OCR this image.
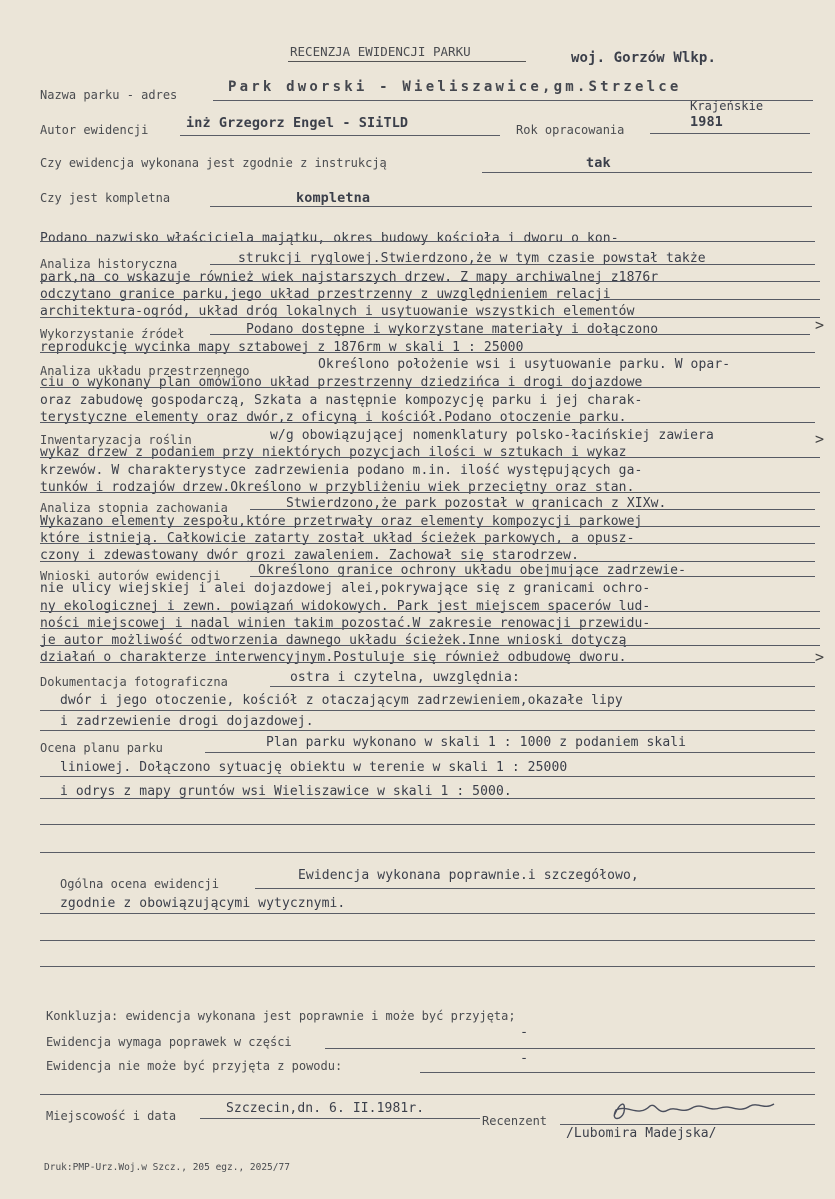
RECENZJA EWIDENCJI PARKU	woj. Gorzów Wlkp.
Nazwa parku - adres	Park dworski - Wieliszawice,gm.Strzelce
Krajeńskie
Autor ewidencji	inż Grzegorz Engel - SIiTLD	Rok opracowania	1981
Czy ewidencja wykonana jest zgodnie z instrukcją	tak
Czy jest kompletna	kompletna
Podano nazwisko właściciela majątku, okres budowy kościoła i dworu o kon-
Analiza historyczna	strukcji ryglowej.Stwierdzono,że w tym czasie powstał także
park,na co wskazuje również wiek najstarszych drzew. Z mapy archiwalnej z1876r
odczytano granice parku,jego układ przestrzenny z uwzględnieniem relacji
architektura-ogród, układ dróg lokalnych i usytuowanie wszystkich elementów
>
Wykorzystanie źródeł	Podano dostępne i wykorzystane materiały i dołączono
reprodukcję wycinka mapy sztabowej z 1876rm w skali 1 : 25000
Analiza układu przestrzennego	Określono położenie wsi i usytuowanie parku. W opar-
ciu o wykonany plan omówiono układ przestrzenny dziedzińca i drogi dojazdowe
oraz zabudowę gospodarczą, Szkata a następnie kompozycję parku i jej charak-
terystyczne elementy oraz dwór,z oficyną i kościół.Podano otoczenie parku.
>
Inwentaryzacja roślin	w/g obowiązującej nomenklatury polsko-łacińskiej zawiera
wykaz drzew z podaniem przy niektórych pozycjach ilości w sztukach i wykaz
krzewów. W charakterystyce zadrzewienia podano m.in. ilość występujących ga-
tunków i rodzajów drzew.Określono w przybliżeniu wiek przeciętny oraz stan.
Analiza stopnia zachowania	Stwierdzono,że park pozostał w granicach z XIXw.
Wykazano elementy zespołu,które przetrwały oraz elementy kompozycji parkowej
które istnieją. Całkowicie zatarty został układ ścieżek parkowych, a opusz-
czony i zdewastowany dwór grozi zawaleniem. Zachował się starodrzew.
Wnioski autorów ewidencji	Określono granice ochrony układu obejmujące zadrzewie-
nie ulicy wiejskiej i alei dojazdowej alei,pokrywające się z granicami ochro-
ny ekologicznej i zewn. powiązań widokowych. Park jest miejscem spacerów lud-
ności miejscowej i nadal winien takim pozostać.W zakresie renowacji przewidu-
je autor możliwość odtworzenia dawnego układu ścieżek.Inne wnioski dotyczą
działań o charakterze interwencyjnym.Postuluje się również odbudowę dworu.	>
Dokumentacja fotograficzna	ostra i czytelna, uwzględnia:
dwór i jego otoczenie, kościół z otaczającym zadrzewieniem,okazałe lipy
i zadrzewienie drogi dojazdowej.
Ocena planu parku	Plan parku wykonano w skali 1 : 1000 z podaniem skali
liniowej. Dołączono sytuację obiektu w terenie w skali 1 : 25000
i odrys z mapy gruntów wsi Wieliszawice w skali 1 : 5000.
Ogólna ocena ewidencji
Ewidencja wykonana poprawnie.i szczegółowo,
zgodnie z obowiązującymi wytycznymi.
Konkluzja: ewidencja wykonana jest poprawnie i może być przyjęta;
Ewidencja wymaga poprawek w części
-
Ewidencja nie może być przyjęta z powodu:	-
Miejscowość i data	Szczecin,dn. 6. II.1981r.
Recenzent
/Lubomira Madejska/
Druk:PMP-Urz.Woj.w Szcz., 205 egz., 2025/77
